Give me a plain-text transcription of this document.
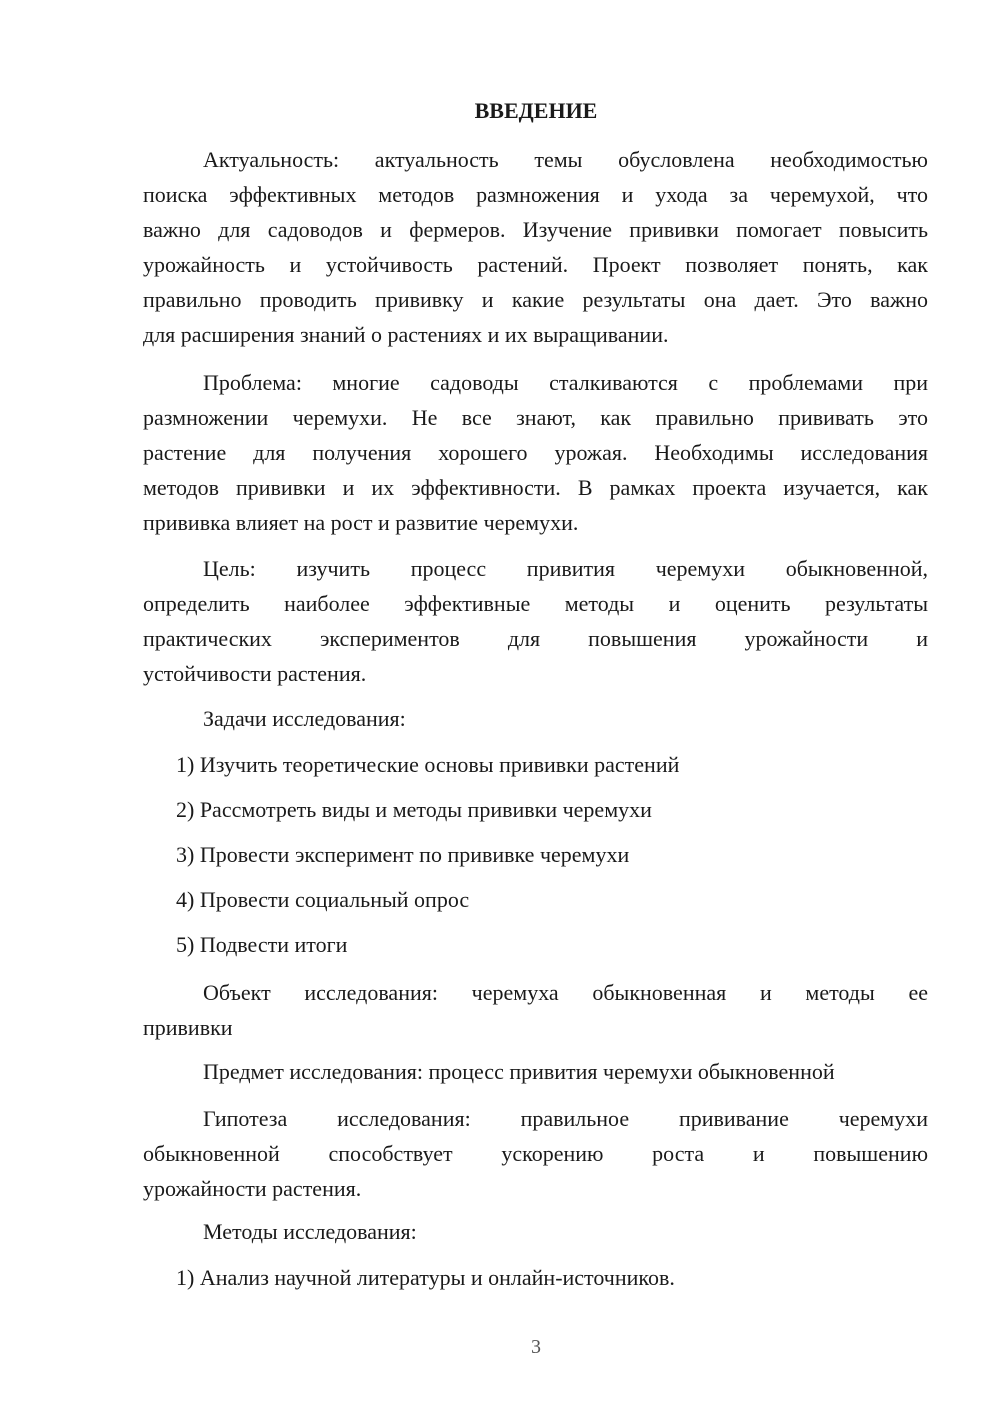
ВВЕДЕНИЕ
Актуальность: актуальность темы обусловлена необходимостью
поиска эффективных методов размножения и ухода за черемухой, что
важно для садоводов и фермеров. Изучение прививки помогает повысить
урожайность и устойчивость растений. Проект позволяет понять, как
правильно проводить прививку и какие результаты она дает. Это важно
для расширения знаний о растениях и их выращивании.
Проблема: многие садоводы сталкиваются с проблемами при
размножении черемухи. Не все знают, как правильно прививать это
растение для получения хорошего урожая. Необходимы исследования
методов прививки и их эффективности. В рамках проекта изучается, как
прививка влияет на рост и развитие черемухи.
Цель: изучить процесс привития черемухи обыкновенной,
определить наиболее эффективные методы и оценить результаты
практических экспериментов для повышения урожайности и
устойчивости растения.
Задачи исследования:
1) Изучить теоретические основы прививки растений
2) Рассмотреть виды и методы прививки черемухи
3) Провести эксперимент по прививке черемухи
4) Провести социальный опрос
5) Подвести итоги
Объект исследования: черемуха обыкновенная и методы ее
прививки
Предмет исследования: процесс привития черемухи обыкновенной
Гипотеза исследования: правильное прививание черемухи
обыкновенной способствует ускорению роста и повышению
урожайности растения.
Методы исследования:
1) Анализ научной литературы и онлайн-источников.
3
